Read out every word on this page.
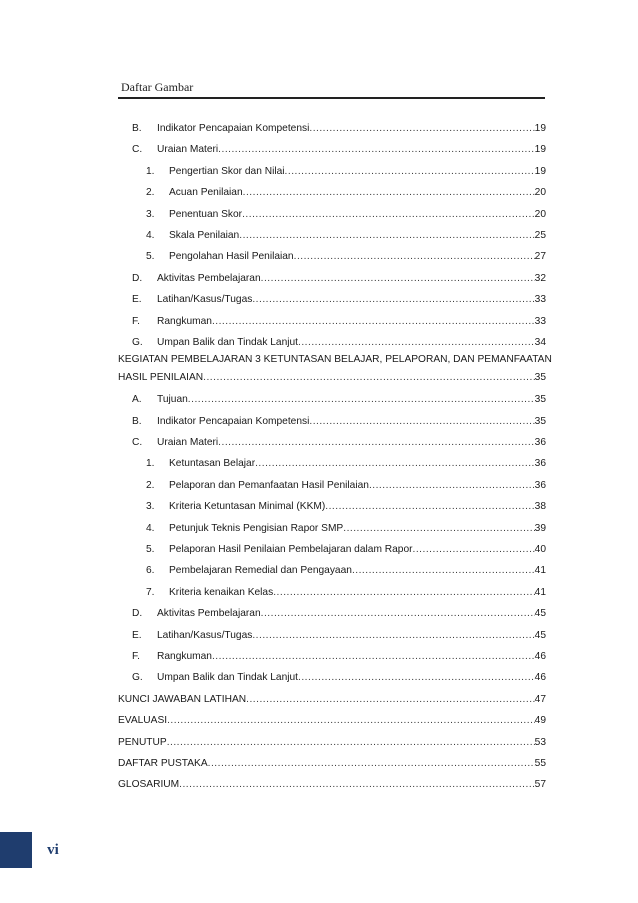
Daftar Gambar
B. Indikator Pencapaian Kompetensi .....	19
C. Uraian Materi .....	19
1. Pengertian Skor dan Nilai .....	19
2. Acuan Penilaian .....	20
3. Penentuan Skor .....	20
4. Skala Penilaian .....	25
5. Pengolahan Hasil Penilaian .....	27
D. Aktivitas Pembelajaran .....	32
E. Latihan/Kasus/Tugas .....	33
F. Rangkuman .....	33
G. Umpan Balik dan Tindak Lanjut .....	34
KEGIATAN PEMBELAJARAN 3 KETUNTASAN BELAJAR, PELAPORAN, DAN PEMANFAATAN
HASIL PENILAIAN .....	35
A. Tujuan .....	35
B. Indikator Pencapaian Kompetensi .....	35
C. Uraian Materi .....	36
1. Ketuntasan Belajar .....	36
2. Pelaporan dan Pemanfaatan Hasil Penilaian .....	36
3. Kriteria Ketuntasan Minimal (KKM) .....	38
4. Petunjuk Teknis Pengisian Rapor SMP .....	39
5. Pelaporan Hasil Penilaian Pembelajaran dalam Rapor .....	40
6. Pembelajaran Remedial dan Pengayaan .....	41
7. Kriteria kenaikan Kelas .....	41
D. Aktivitas Pembelajaran .....	45
E. Latihan/Kasus/Tugas .....	45
F. Rangkuman .....	46
G. Umpan Balik dan Tindak Lanjut .....	46
KUNCI JAWABAN LATIHAN .....	47
EVALUASI .....	49
PENUTUP .....	53
DAFTAR PUSTAKA .....	55
GLOSARIUM .....	57
vi
